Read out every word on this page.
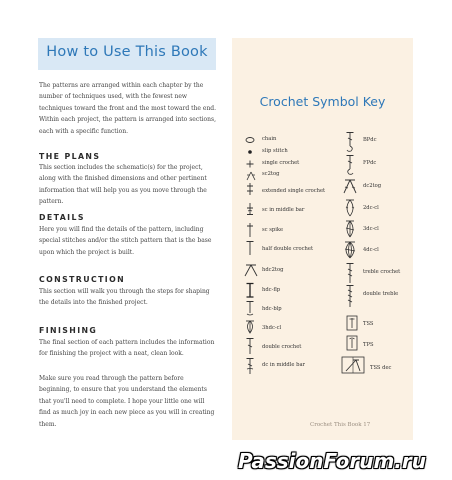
How to Use This Book
The patterns are arranged within each chapter by the number of techniques used, with the fewest new techniques toward the front and the most toward the end. Within each project, the pattern is arranged into sections, each with a specific function.
THE PLANS
This section includes the schematic(s) for the project, along with the finished dimensions and other pertinent information that will help you as you move through the pattern.
DETAILS
Here you will find the details of the pattern, including special stitches and/or the stitch pattern that is the base upon which the project is built.
CONSTRUCTION
This section will walk you through the steps for shaping the details into the finished project.
FINISHING
The final section of each pattern includes the information for finishing the project with a neat, clean look.
Make sure you read through the pattern before beginning, to ensure that you understand the elements that you'll need to complete. I hope your little one will find as much joy in each new piece as you will in creating them.
Crochet Symbol Key
chain
slip stitch
single crochet
sc2tog
extended single crochet
sc in middle bar
sc spike
half double crochet
hdc2tog
hdc-flp
hdc-blp
3hdc-cl
double crochet
dc in middle bar
BPdc
FPdc
dc2tog
2dc-cl
3dc-cl
4dc-cl
treble crochet
double treble
TSS
TPS
TSS dec
Crochet This Book 17
PassionForum.ru
